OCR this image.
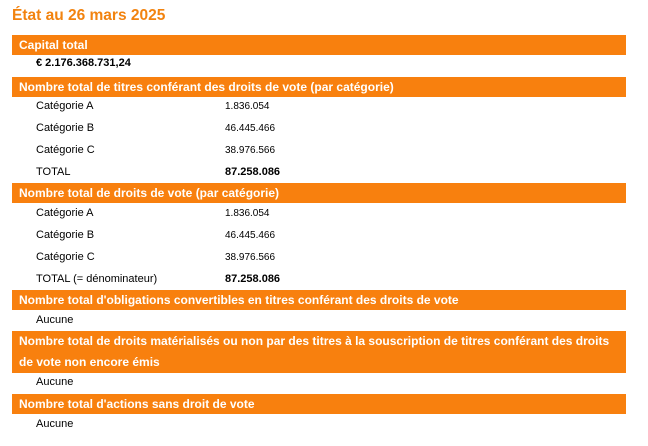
État au 26 mars 2025
Capital total
€ 2.176.368.731,24
Nombre total de titres conférant des droits de vote (par catégorie)
Catégorie A	1.836.054
Catégorie B	46.445.466
Catégorie C	38.976.566
TOTAL	87.258.086
Nombre total de droits de vote (par catégorie)
Catégorie A	1.836.054
Catégorie B	46.445.466
Catégorie C	38.976.566
TOTAL (= dénominateur)	87.258.086
Nombre total d'obligations convertibles en titres conférant des droits de vote
Aucune
Nombre total de droits matérialisés ou non par des titres à la souscription de titres conférant des droits de vote non encore émis
Aucune
Nombre total d'actions sans droit de vote
Aucune
